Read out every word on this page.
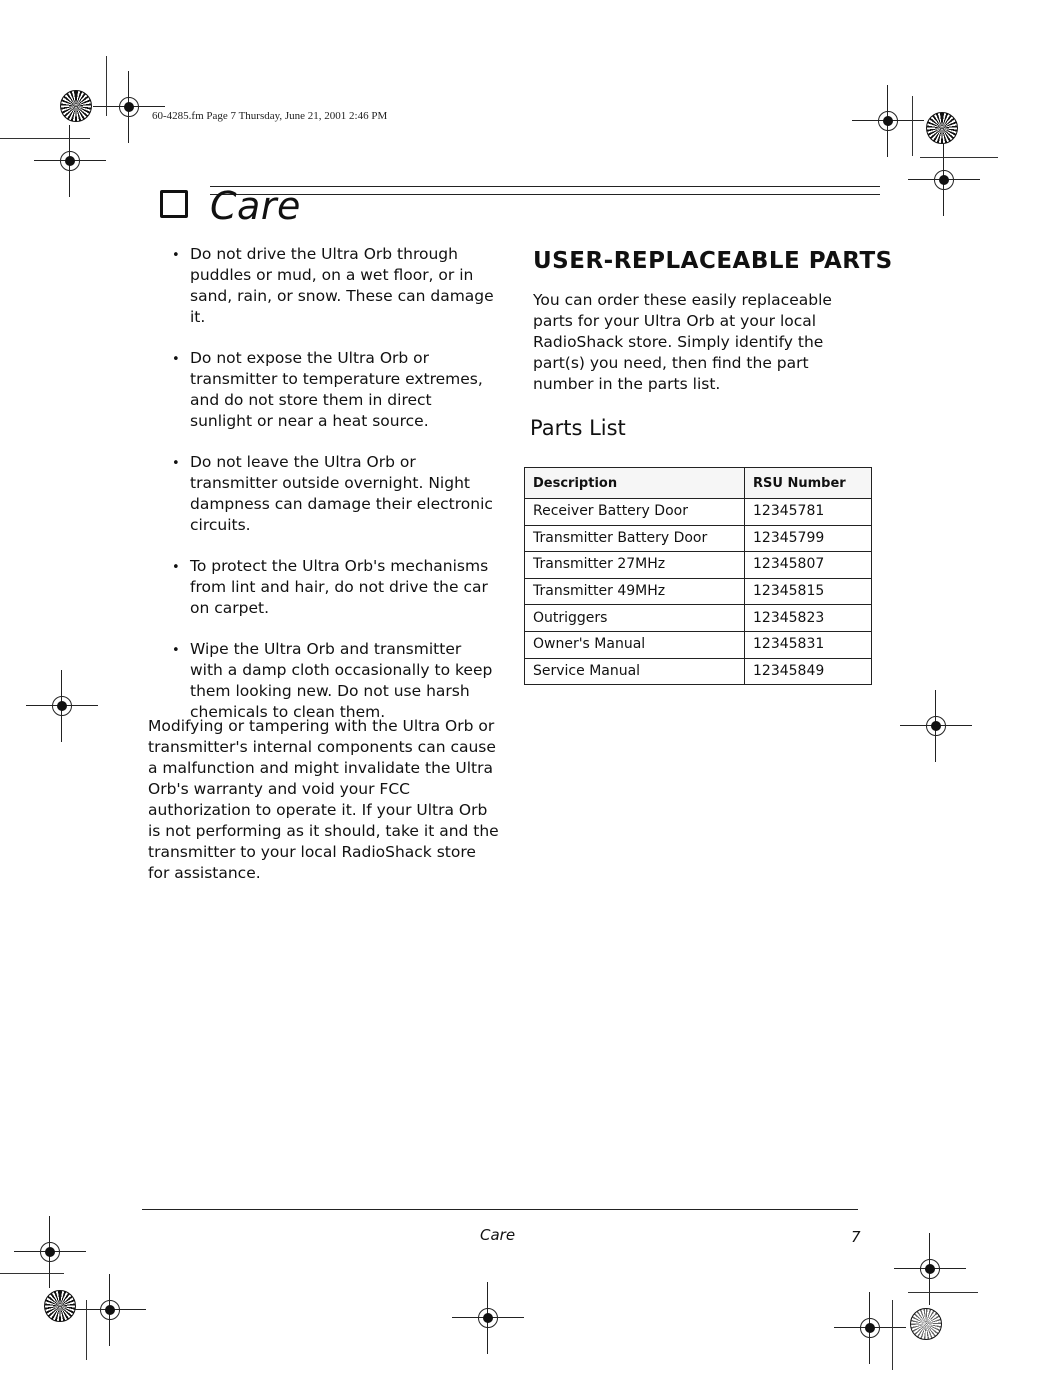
60-4285.fm Page 7 Thursday, June 21, 2001 2:46 PM
Care
• Do not drive the Ultra Orb through puddles or mud, on a wet floor, or in sand, rain, or snow. These can damage it.
• Do not expose the Ultra Orb or transmitter to temperature extremes, and do not store them in direct sunlight or near a heat source.
• Do not leave the Ultra Orb or transmitter outside overnight. Night dampness can damage their electronic circuits.
• To protect the Ultra Orb's mechanisms from lint and hair, do not drive the car on carpet.
• Wipe the Ultra Orb and transmitter with a damp cloth occasionally to keep them looking new. Do not use harsh chemicals to clean them.

Modifying or tampering with the Ultra Orb or transmitter's internal components can cause a malfunction and might invalidate the Ultra Orb's warranty and void your FCC authorization to operate it. If your Ultra Orb is not performing as it should, take it and the transmitter to your local RadioShack store for assistance.

USER-REPLACEABLE PARTS

You can order these easily replaceable parts for your Ultra Orb at your local RadioShack store. Simply identify the part(s) you need, then find the part number in the parts list.

Parts List
Description	RSU Number
Receiver Battery Door	12345781
Transmitter Battery Door	12345799
Transmitter 27MHz	12345807
Transmitter 49MHz	12345815
Outriggers	12345823
Owner's Manual	12345831
Service Manual	12345849
Care	7
